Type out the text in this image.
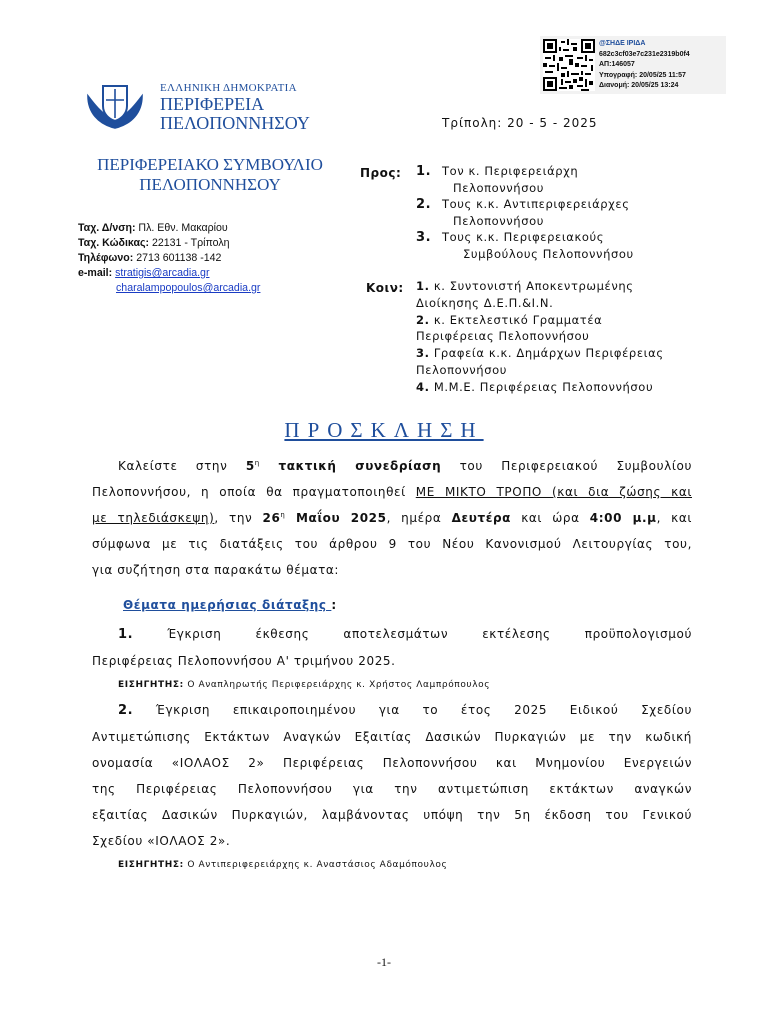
@ΣΗΔΕ ΙΡΙΔΑ
682c3cf03e7c231e2319b0f4
ΑΠ:146057
Υπογραφή: 20/05/25 11:57
Διανομή: 20/05/25 13:24
ΕΛΛΗΝΙΚΗ ΔΗΜΟΚΡΑΤΙΑ
ΠΕΡΙΦΕΡΕΙΑ
ΠΕΛΟΠΟΝΝΗΣΟΥ	Τρίπολη: 20 - 5 - 2025
ΠΕΡΙΦΕΡΕΙΑΚΟ ΣΥΜΒΟΥΛΙΟ
ΠΕΛΟΠΟΝΝΗΣΟΥ
Ταχ. Δ/νση: Πλ. Εθν. Μακαρίου
Ταχ. Κώδικας: 22131 - Τρίπολη
Τηλέφωνο: 2713 601138 -142
e-mail: stratigis@arcadia.gr
charalampopoulos@arcadia.gr
Προς: 1. Τον κ. Περιφερειάρχη
Πελοποννήσου
2. Τους κ.κ. Αντιπεριφερειάρχες
Πελοποννήσου
3. Τους κ.κ. Περιφερειακούς
Συμβούλους Πελοποννήσου
Κοιν: 1. κ. Συντονιστή Αποκεντρωμένης
Διοίκησης Δ.Ε.Π.&Ι.Ν.
2. κ. Εκτελεστικό Γραμματέα
Περιφέρειας Πελοποννήσου
3. Γραφεία κ.κ. Δημάρχων Περιφέρειας
Πελοποννήσου
4. Μ.Μ.Ε. Περιφέρειας Πελοποννήσου
ΠΡΟΣΚΛΗΣΗ
Καλείστε στην $5^\eta$ τακτική συνεδρίαση του Περιφερειακού Συμβουλίου
Πελοποννήσου, η οποία θα πραγματοποιηθεί ΜΕ ΜΙΚΤΟ ΤΡΟΠΟ (και δια ζώσης και
με τηλεδιάσκεψη), την $26^\eta$ Μαΐου 2025, ημέρα Δευτέρα και ώρα 4:00 μ.μ, και
σύμφωνα με τις διατάξεις του άρθρου 9 του Νέου Κανονισμού Λειτουργίας του,
για συζήτηση στα παρακάτω θέματα:
Θέματα ημερήσιας διάταξης :
1. Έγκριση έκθεσης αποτελεσμάτων εκτέλεσης προϋπολογισμού
Περιφέρειας Πελοποννήσου Α' τριμήνου 2025.
ΕΙΣΗΓΗΤΗΣ: Ο Αναπληρωτής Περιφερειάρχης κ. Χρήστος Λαμπρόπουλος
2. Έγκριση επικαιροποιημένου για το έτος 2025 Ειδικού Σχεδίου
Αντιμετώπισης Εκτάκτων Αναγκών Εξαιτίας Δασικών Πυρκαγιών με την κωδική
ονομασία «ΙΟΛΑΟΣ 2» Περιφέρειας Πελοποννήσου και Μνημονίου Ενεργειών
της Περιφέρειας Πελοποννήσου για την αντιμετώπιση εκτάκτων αναγκών
εξαιτίας Δασικών Πυρκαγιών, λαμβάνοντας υπόψη την 5η έκδοση του Γενικού
Σχεδίου «ΙΟΛΑΟΣ 2».
ΕΙΣΗΓΗΤΗΣ: Ο Αντιπεριφερειάρχης κ. Αναστάσιος Αδαμόπουλος
-1-
